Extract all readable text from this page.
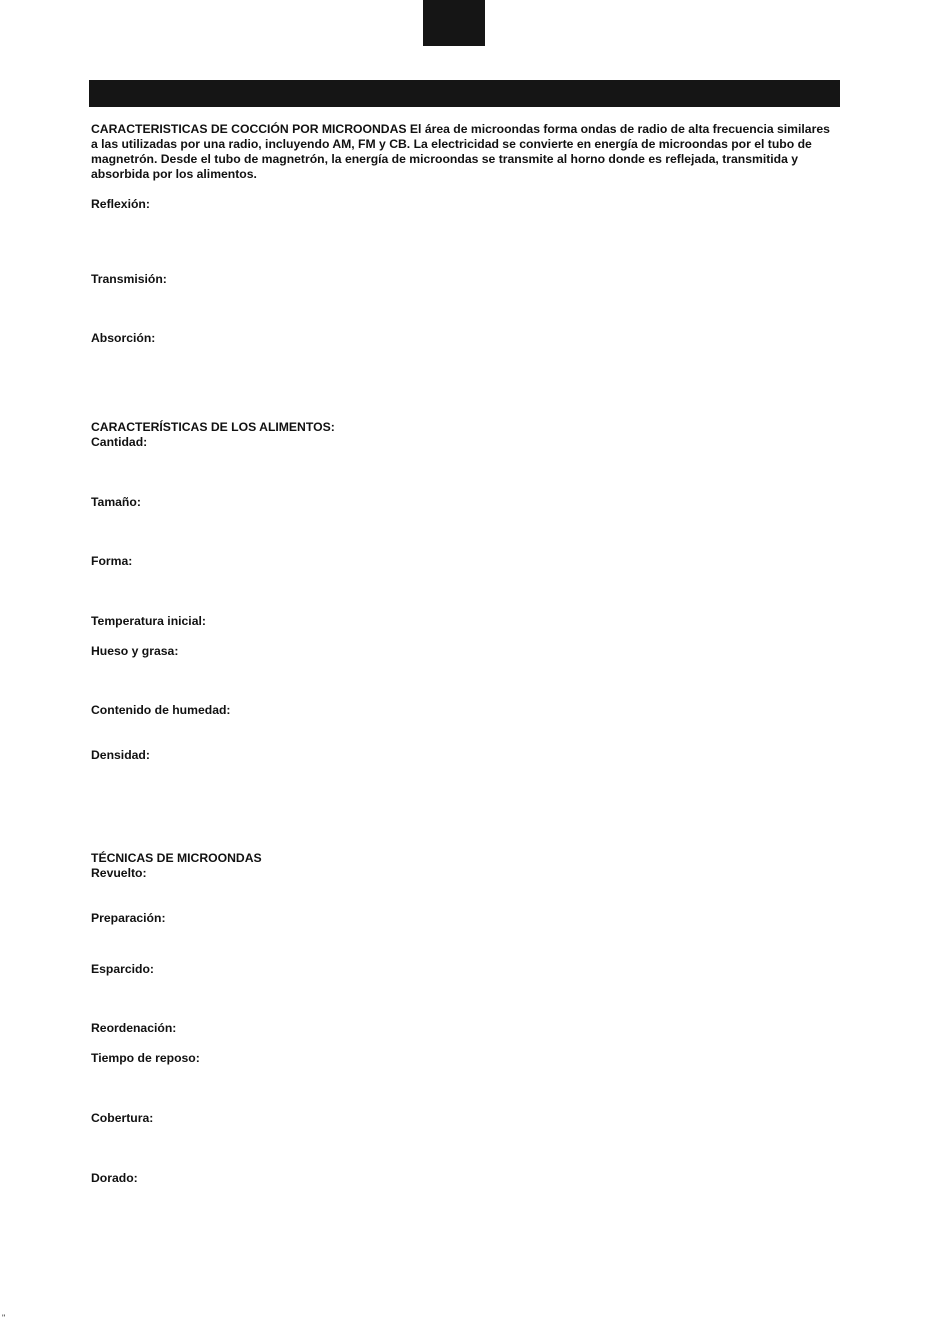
CARACTERISTICAS DE COCCIÓN POR MICROONDAS El área de microondas forma ondas de radio de alta frecuencia similares a las utilizadas por una radio, incluyendo AM, FM y CB. La electricidad se convierte en energía de microondas por el tubo de magnetrón. Desde el tubo de magnetrón, la energía de microondas se transmite al horno donde es reflejada, transmitida y absorbida por los alimentos.

Reflexión:

Transmisión:

Absorción:

CARACTERÍSTICAS DE LOS ALIMENTOS:

Cantidad:

Tamaño:

Forma:

Temperatura inicial:

Hueso y grasa:

Contenido de humedad:

Densidad:

TÉCNICAS DE MICROONDAS

Revuelto:

Preparación:

Esparcido:

Reordenación:

Tiempo de reposo:

Cobertura:

Dorado:

"
